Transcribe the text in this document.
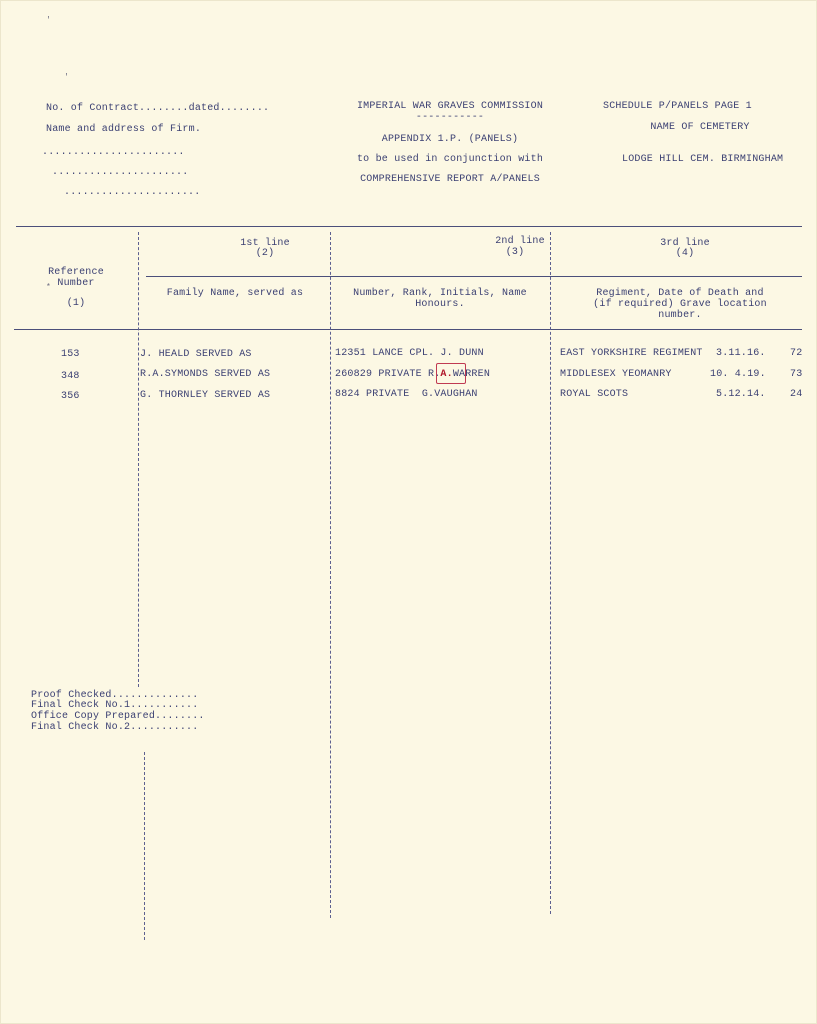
'
'
*
No. of Contract........dated........
Name and address of Firm.
.......................
......................
......................
IMPERIAL WAR GRAVES COMMISSION
-----------
APPENDIX 1.P. (PANELS)
to be used in conjunction with
COMPREHENSIVE REPORT A/PANELS
SCHEDULE P/PANELS PAGE 1
NAME OF CEMETERY
LODGE HILL CEM. BIRMINGHAM
Reference
Number
(1)
1st line
(2)
Family Name, served as
2nd line
(3)
Number, Rank, Initials, Name
Honours.
3rd line
(4)
Regiment, Date of Death and
(if required) Grave location
number.
153	J. HEALD SERVED AS	12351 LANCE CPL. J. DUNN	EAST YORKSHIRE REGIMENT 3.11.16. 72
348	R.A.SYMONDS SERVED AS	260829 PRIVATE R.A.WARREN	MIDDLESEX YEOMANRY	10. 4.19. 73
356	G. THORNLEY SERVED AS	8824 PRIVATE  G.VAUGHAN	ROYAL SCOTS	5.12.14. 24
Proof Checked..............
Final Check No.1...........
Office Copy Prepared........
Final Check No.2...........
